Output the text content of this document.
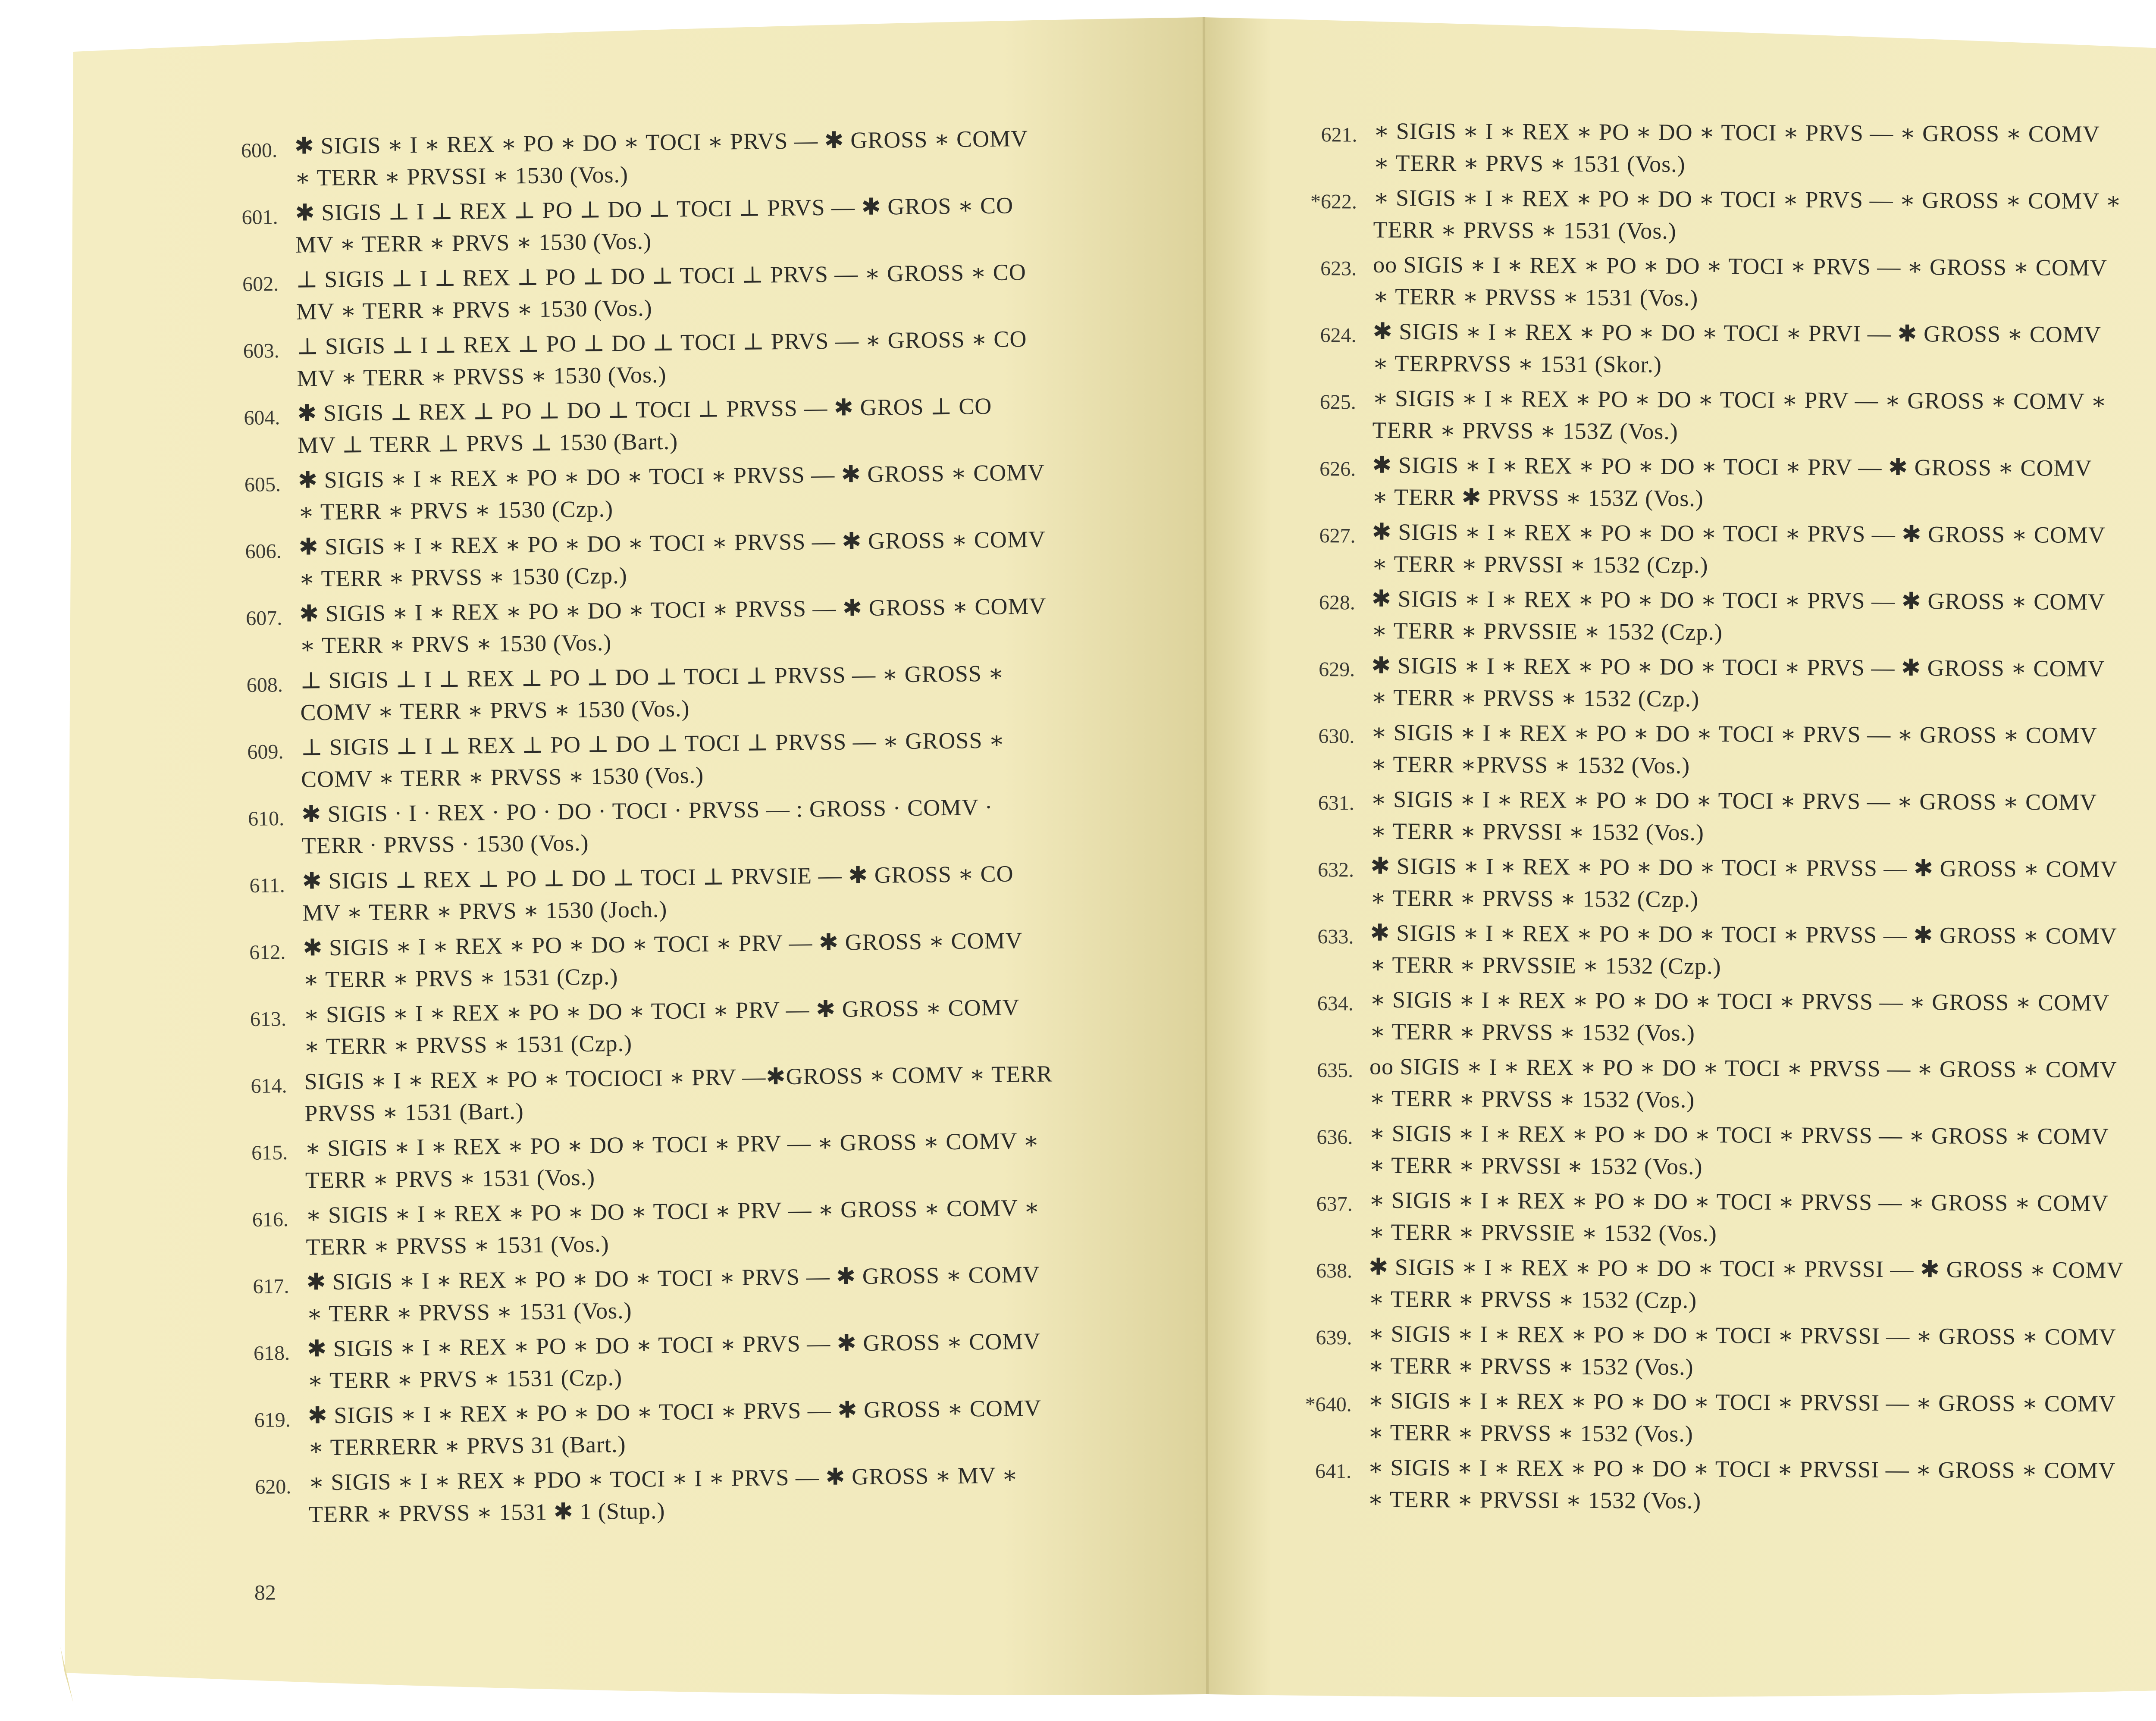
600. ✱ SIGIS ∗ I ∗ REX ∗ PO ∗ DO ∗ TOCI ∗ PRVS — ✱ GROSS ∗ COMV
∗ TERR ∗ PRVSSI ∗ 1530 (Vos.)
601. ✱ SIGIS ⊥ I ⊥ REX ⊥ PO ⊥ DO ⊥ TOCI ⊥ PRVS — ✱ GROS ∗ CO
MV ∗ TERR ∗ PRVS ∗ 1530 (Vos.)
602. ⊥ SIGIS ⊥ I ⊥ REX ⊥ PO ⊥ DO ⊥ TOCI ⊥ PRVS — ∗ GROSS ∗ CO
MV ∗ TERR ∗ PRVS ∗ 1530 (Vos.)
603. ⊥ SIGIS ⊥ I ⊥ REX ⊥ PO ⊥ DO ⊥ TOCI ⊥ PRVS — ∗ GROSS ∗ CO
MV ∗ TERR ∗ PRVSS ∗ 1530 (Vos.)
604. ✱ SIGIS ⊥ REX ⊥ PO ⊥ DO ⊥ TOCI ⊥ PRVSS — ✱ GROS ⊥ CO
MV ⊥ TERR ⊥ PRVS ⊥ 1530 (Bart.)
605. ✱ SIGIS ∗ I ∗ REX ∗ PO ∗ DO ∗ TOCI ∗ PRVSS — ✱ GROSS ∗ COMV
∗ TERR ∗ PRVS ∗ 1530 (Czp.)
606. ✱ SIGIS ∗ I ∗ REX ∗ PO ∗ DO ∗ TOCI ∗ PRVSS — ✱ GROSS ∗ COMV
∗ TERR ∗ PRVSS ∗ 1530 (Czp.)
607. ✱ SIGIS ∗ I ∗ REX ∗ PO ∗ DO ∗ TOCI ∗ PRVSS — ✱ GROSS ∗ COMV
∗ TERR ∗ PRVS ∗ 1530 (Vos.)
608. ⊥ SIGIS ⊥ I ⊥ REX ⊥ PO ⊥ DO ⊥ TOCI ⊥ PRVSS — ∗ GROSS ∗
COMV ∗ TERR ∗ PRVS ∗ 1530 (Vos.)
609. ⊥ SIGIS ⊥ I ⊥ REX ⊥ PO ⊥ DO ⊥ TOCI ⊥ PRVSS — ∗ GROSS ∗
COMV ∗ TERR ∗ PRVSS ∗ 1530 (Vos.)
610. ✱ SIGIS · I · REX · PO · DO · TOCI · PRVSS — : GROSS · COMV ·
TERR · PRVSS · 1530 (Vos.)
611. ✱ SIGIS ⊥ REX ⊥ PO ⊥ DO ⊥ TOCI ⊥ PRVSIE — ✱ GROSS ∗ CO
MV ∗ TERR ∗ PRVS ∗ 1530 (Joch.)
612. ✱ SIGIS ∗ I ∗ REX ∗ PO ∗ DO ∗ TOCI ∗ PRV — ✱ GROSS ∗ COMV
∗ TERR ∗ PRVS ∗ 1531 (Czp.)
613. ∗ SIGIS ∗ I ∗ REX ∗ PO ∗ DO ∗ TOCI ∗ PRV — ✱ GROSS ∗ COMV
∗ TERR ∗ PRVSS ∗ 1531 (Czp.)
614. SIGIS ∗ I ∗ REX ∗ PO ∗ TOCIOCI ∗ PRV —✱GROSS ∗ COMV ∗ TERR
PRVSS ∗ 1531 (Bart.)
615. ∗ SIGIS ∗ I ∗ REX ∗ PO ∗ DO ∗ TOCI ∗ PRV — ∗ GROSS ∗ COMV ∗
TERR ∗ PRVS ∗ 1531 (Vos.)
616. ∗ SIGIS ∗ I ∗ REX ∗ PO ∗ DO ∗ TOCI ∗ PRV — ∗ GROSS ∗ COMV ∗
TERR ∗ PRVSS ∗ 1531 (Vos.)
617. ✱ SIGIS ∗ I ∗ REX ∗ PO ∗ DO ∗ TOCI ∗ PRVS — ✱ GROSS ∗ COMV
∗ TERR ∗ PRVSS ∗ 1531 (Vos.)
618. ✱ SIGIS ∗ I ∗ REX ∗ PO ∗ DO ∗ TOCI ∗ PRVS — ✱ GROSS ∗ COMV
∗ TERR ∗ PRVS ∗ 1531 (Czp.)
619. ✱ SIGIS ∗ I ∗ REX ∗ PO ∗ DO ∗ TOCI ∗ PRVS — ✱ GROSS ∗ COMV
∗ TERRERR ∗ PRVS 31 (Bart.)
620. ∗ SIGIS ∗ I ∗ REX ∗ PDO ∗ TOCI ∗ I ∗ PRVS — ✱ GROSS ∗ MV ∗
TERR ∗ PRVSS ∗ 1531 ✱ 1 (Stup.)
82
621. ∗ SIGIS ∗ I ∗ REX ∗ PO ∗ DO ∗ TOCI ∗ PRVS — ∗ GROSS ∗ COMV
∗ TERR ∗ PRVS ∗ 1531 (Vos.)
*622. ∗ SIGIS ∗ I ∗ REX ∗ PO ∗ DO ∗ TOCI ∗ PRVS — ∗ GROSS ∗ COMV ∗
TERR ∗ PRVSS ∗ 1531 (Vos.)
623. oo SIGIS ∗ I ∗ REX ∗ PO ∗ DO ∗ TOCI ∗ PRVS — ∗ GROSS ∗ COMV
∗ TERR ∗ PRVSS ∗ 1531 (Vos.)
624. ✱ SIGIS ∗ I ∗ REX ∗ PO ∗ DO ∗ TOCI ∗ PRVI — ✱ GROSS ∗ COMV
∗ TERPRVSS ∗ 1531 (Skor.)
625. ∗ SIGIS ∗ I ∗ REX ∗ PO ∗ DO ∗ TOCI ∗ PRV — ∗ GROSS ∗ COMV ∗
TERR ∗ PRVSS ∗ 153Z (Vos.)
626. ✱ SIGIS ∗ I ∗ REX ∗ PO ∗ DO ∗ TOCI ∗ PRV — ✱ GROSS ∗ COMV
∗ TERR ✱ PRVSS ∗ 153Z (Vos.)
627. ✱ SIGIS ∗ I ∗ REX ∗ PO ∗ DO ∗ TOCI ∗ PRVS — ✱ GROSS ∗ COMV
∗ TERR ∗ PRVSSI ∗ 1532 (Czp.)
628. ✱ SIGIS ∗ I ∗ REX ∗ PO ∗ DO ∗ TOCI ∗ PRVS — ✱ GROSS ∗ COMV
∗ TERR ∗ PRVSSIE ∗ 1532 (Czp.)
629. ✱ SIGIS ∗ I ∗ REX ∗ PO ∗ DO ∗ TOCI ∗ PRVS — ✱ GROSS ∗ COMV
∗ TERR ∗ PRVSS ∗ 1532 (Czp.)
630. ∗ SIGIS ∗ I ∗ REX ∗ PO ∗ DO ∗ TOCI ∗ PRVS — ∗ GROSS ∗ COMV
∗ TERR ∗PRVSS ∗ 1532 (Vos.)
631. ∗ SIGIS ∗ I ∗ REX ∗ PO ∗ DO ∗ TOCI ∗ PRVS — ∗ GROSS ∗ COMV
∗ TERR ∗ PRVSSI ∗ 1532 (Vos.)
632. ✱ SIGIS ∗ I ∗ REX ∗ PO ∗ DO ∗ TOCI ∗ PRVSS — ✱ GROSS ∗ COMV
∗ TERR ∗ PRVSS ∗ 1532 (Czp.)
633. ✱ SIGIS ∗ I ∗ REX ∗ PO ∗ DO ∗ TOCI ∗ PRVSS — ✱ GROSS ∗ COMV
∗ TERR ∗ PRVSSIE ∗ 1532 (Czp.)
634. ∗ SIGIS ∗ I ∗ REX ∗ PO ∗ DO ∗ TOCI ∗ PRVSS — ∗ GROSS ∗ COMV
∗ TERR ∗ PRVSS ∗ 1532 (Vos.)
635. oo SIGIS ∗ I ∗ REX ∗ PO ∗ DO ∗ TOCI ∗ PRVSS — ∗ GROSS ∗ COMV
∗ TERR ∗ PRVSS ∗ 1532 (Vos.)
636. ∗ SIGIS ∗ I ∗ REX ∗ PO ∗ DO ∗ TOCI ∗ PRVSS — ∗ GROSS ∗ COMV
∗ TERR ∗ PRVSSI ∗ 1532 (Vos.)
637. ∗ SIGIS ∗ I ∗ REX ∗ PO ∗ DO ∗ TOCI ∗ PRVSS — ∗ GROSS ∗ COMV
∗ TERR ∗ PRVSSIE ∗ 1532 (Vos.)
638. ✱ SIGIS ∗ I ∗ REX ∗ PO ∗ DO ∗ TOCI ∗ PRVSSI — ✱ GROSS ∗ COMV
∗ TERR ∗ PRVSS ∗ 1532 (Czp.)
639. ∗ SIGIS ∗ I ∗ REX ∗ PO ∗ DO ∗ TOCI ∗ PRVSSI — ∗ GROSS ∗ COMV
∗ TERR ∗ PRVSS ∗ 1532 (Vos.)
*640. ∗ SIGIS ∗ I ∗ REX ∗ PO ∗ DO ∗ TOCI ∗ PRVSSI — ∗ GROSS ∗ COMV
∗ TERR ∗ PRVSS ∗ 1532 (Vos.)
641. ∗ SIGIS ∗ I ∗ REX ∗ PO ∗ DO ∗ TOCI ∗ PRVSSI — ∗ GROSS ∗ COMV
∗ TERR ∗ PRVSSI ∗ 1532 (Vos.)
